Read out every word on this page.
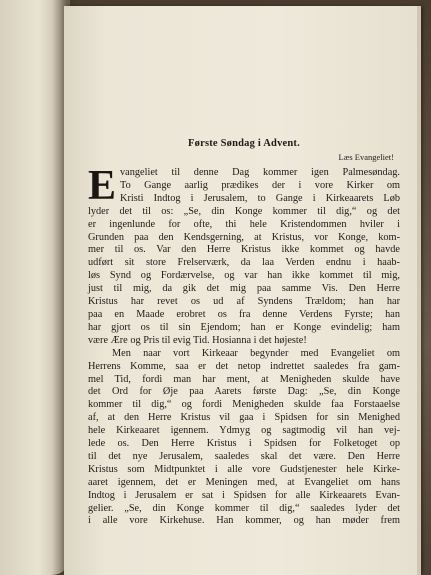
Første Søndag i Advent.
Læs Evangeliet!
E vangeliet til denne Dag kommer igen Palmesøndag.
To Gange aarlig prædikes der i vore Kirker om
Kristi Indtog i Jerusalem, to Gange i Kirkeaarets Løb
lyder det til os: „Se, din Konge kommer til dig,“ og det
er ingenlunde for ofte, thi hele Kristendommen hviler i
Grunden paa den Kendsgerning, at Kristus, vor Konge, kom-
mer til os. Var den Herre Kristus ikke kommet og havde
udført sit store Frelserværk, da laa Verden endnu i haab-
løs Synd og Fordærvelse, og var han ikke kommet til mig,
just til mig, da gik det mig paa samme Vis. Den Herre
Kristus har revet os ud af Syndens Trældom; han har
paa en Maade erobret os fra denne Verdens Fyrste; han
har gjort os til sin Ejendom; han er Konge evindelig; ham
være Ære og Pris til evig Tid. Hosianna i det højeste!
Men naar vort Kirkeaar begynder med Evangeliet om
Herrens Komme, saa er det netop indrettet saaledes fra gam-
mel Tid, fordi man har ment, at Menigheden skulde have
det Ord for Øje paa Aarets første Dag: „Se, din Konge
kommer til dig,“ og fordi Menigheden skulde faa Forstaaelse
af, at den Herre Kristus vil gaa i Spidsen for sin Menighed
hele Kirkeaaret igennem. Ydmyg og sagtmodig vil han vej-
lede os. Den Herre Kristus i Spidsen for Folketoget op
til det nye Jerusalem, saaledes skal det være. Den Herre
Kristus som Midtpunktet i alle vore Gudstjenester hele Kirke-
aaret igennem, det er Meningen med, at Evangeliet om hans
Indtog i Jerusalem er sat i Spidsen for alle Kirkeaarets Evan-
gelier. „Se, din Konge kommer til dig,“ saaledes lyder det
i alle vore Kirkehuse. Han kommer, og han møder frem
